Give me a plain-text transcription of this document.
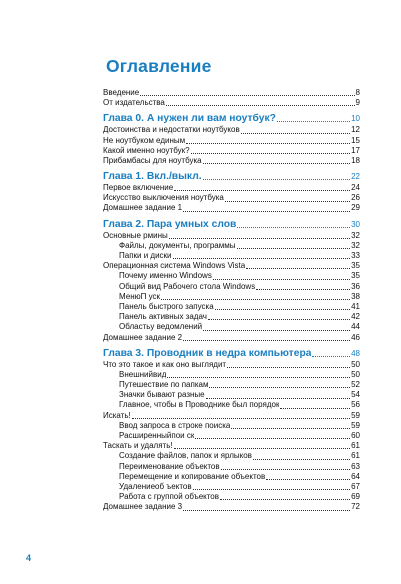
Оглавление
Введение	8
От издательства	9
Глава 0. А нужен ли вам ноутбук?	10
Достоинства и недостатки ноутбуков	12
Не ноутбуком единым	15
Какой именно ноутбук?	17
Прибамбасы для ноутбука	18
Глава 1. Вкл./выкл.	22
Первое включение	24
Искусство выключения ноутбука	26
Домашнее задание 1	29
Глава 2. Пара умных слов	30
Основные рмины	32
Файлы, документы, программы	32
Папки и диски	33
Операционная система Windows Vista	35
Почему именно Windows	35
Общий вид Рабочего стола Windows	36
МенюП уск	38
Панель быстрого запуска	41
Панель активных задач	42
Областьу ведомлений	44
Домашнее задание 2	46
Глава 3. Проводник в недра компьютера	48
Что это такое и как оно выглядит	50
Внешнийвид	50
Путешествие по папкам	52
Значки бывают разные	54
Главное, чтобы в Проводнике был порядок	56
Искать!	59
Ввод запроса в строке поиска	59
Расширенныйпои ск	60
Таскать и удалять!	61
Создание файлов, папок и ярлыков	61
Переименование объектов	63
Перемещение и копирование объектов	64
Удалениеоб ъектов	67
Работа с группой объектов	69
Домашнее задание 3	72
4
